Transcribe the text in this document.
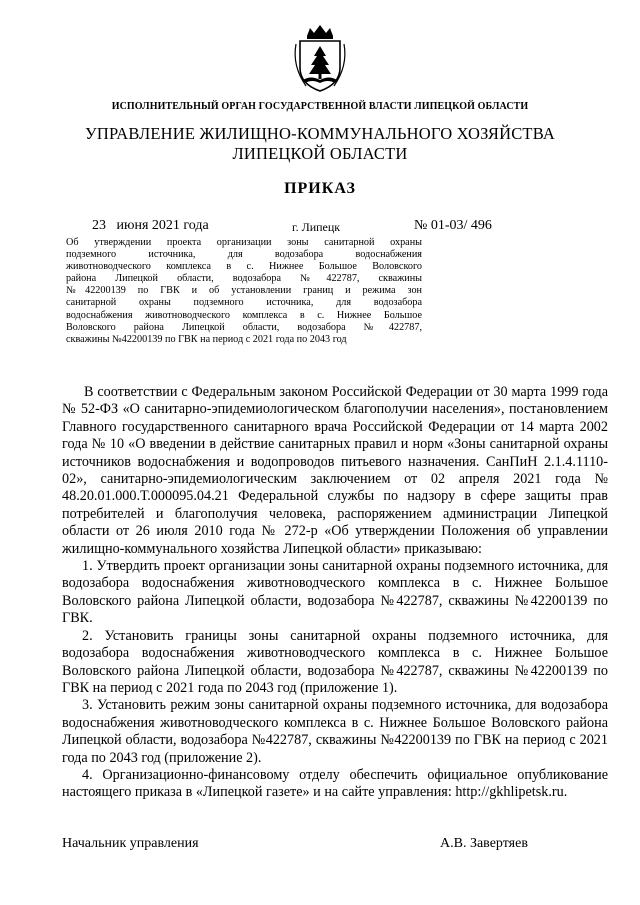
ИСПОЛНИТЕЛЬНЫЙ ОРГАН ГОСУДАРСТВЕННОЙ ВЛАСТИ ЛИПЕЦКОЙ ОБЛАСТИ
УПРАВЛЕНИЕ ЖИЛИЩНО-КОММУНАЛЬНОГО ХОЗЯЙСТВА
ЛИПЕЦКОЙ ОБЛАСТИ
ПРИКАЗ
23   июня 2021 года	г. Липецк	№ 01-03/ 496
Об утверждении проекта организации зоны санитарной охраны
подземного источника, для водозабора водоснабжения
животноводческого комплекса в с. Нижнее Большое Воловского
района Липецкой области, водозабора №422787, скважины
№42200139 по ГВК и об установлении границ и режима зон
санитарной охраны подземного источника, для водозабора
водоснабжения животноводческого комплекса в с. Нижнее Большое
Воловского района Липецкой области, водозабора №422787,
скважины №42200139 по ГВК на период с 2021 года по 2043 год

В соответствии с Федеральным законом Российской Федерации от 30 марта 1999 года № 52-ФЗ «О санитарно-эпидемиологическом благополучии населения», постановлением Главного государственного санитарного врача Российской Федерации от 14 марта 2002 года № 10 «О введении в действие санитарных правил и норм «Зоны санитарной охраны источников водоснабжения и водопроводов питьевого назначения. СанПиН 2.1.4.1110-02», санитарно-эпидемиологическим заключением от 02 апреля 2021 года № 48.20.01.000.Т.000095.04.21 Федеральной службы по надзору в сфере защиты прав потребителей и благополучия человека, распоряжением администрации Липецкой области от 26 июля 2010 года № 272-р «Об утверждении Положения об управлении жилищно-коммунального хозяйства Липецкой области» приказываю:

1. Утвердить проект организации зоны санитарной охраны подземного источника, для водозабора водоснабжения животноводческого комплекса в с. Нижнее Большое Воловского района Липецкой области, водозабора №422787, скважины №42200139 по ГВК.

2. Установить границы зоны санитарной охраны подземного источника, для водозабора водоснабжения животноводческого комплекса в с. Нижнее Большое Воловского района Липецкой области, водозабора №422787, скважины №42200139 по ГВК на период с 2021 года по 2043 год (приложение 1).

3. Установить режим зоны санитарной охраны подземного источника, для водозабора водоснабжения животноводческого комплекса в с. Нижнее Большое Воловского района Липецкой области, водозабора №422787, скважины №42200139 по ГВК на период с 2021 года по 2043 год (приложение 2).

4. Организационно-финансовому отделу обеспечить официальное опубликование настоящего приказа в «Липецкой газете» и на сайте управления: http://gkhlipetsk.ru.

Начальник управления	А.В. Завертяев
